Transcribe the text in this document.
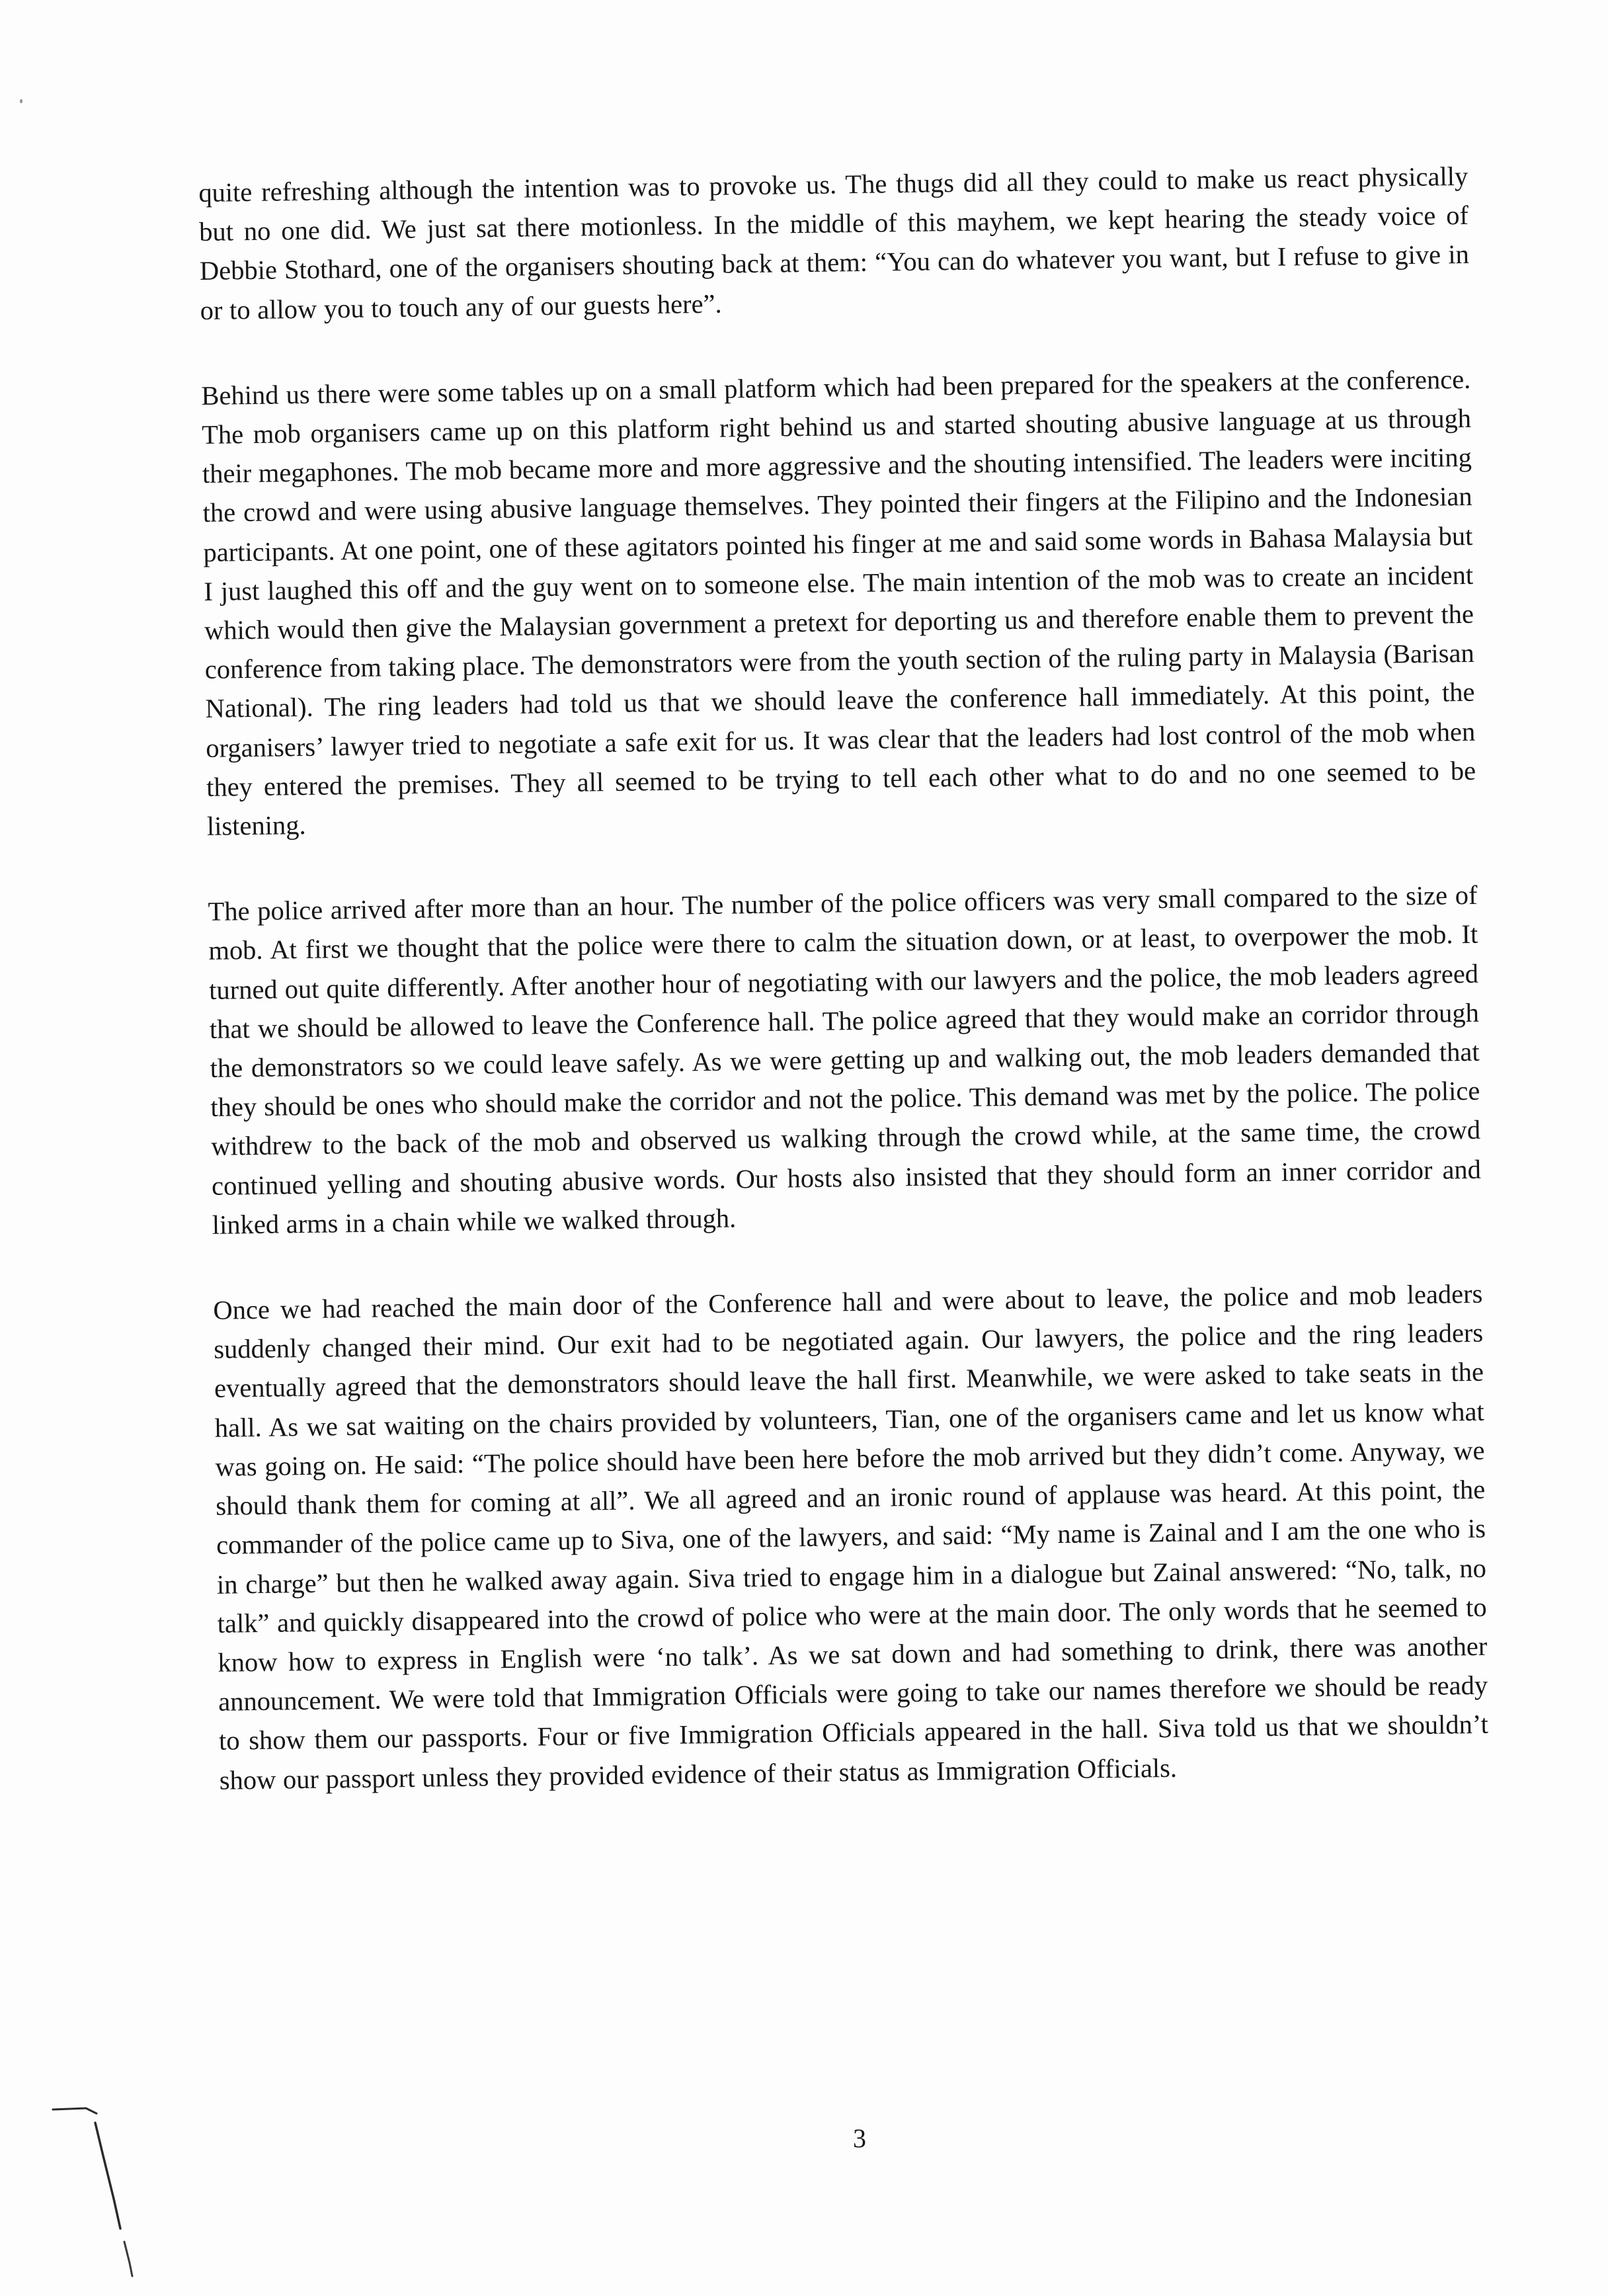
quite refreshing although the intention was to provoke us. The thugs did all they could to make us react physically but no one did. We just sat there motionless. In the middle of this mayhem, we kept hearing the steady voice of Debbie Stothard, one of the organisers shouting back at them: “You can do whatever you want, but I refuse to give in or to allow you to touch any of our guests here”.

Behind us there were some tables up on a small platform which had been prepared for the speakers at the conference. The mob organisers came up on this platform right behind us and started shouting abusive language at us through their megaphones. The mob became more and more aggressive and the shouting intensified. The leaders were inciting the crowd and were using abusive language themselves. They pointed their fingers at the Filipino and the Indonesian participants. At one point, one of these agitators pointed his finger at me and said some words in Bahasa Malaysia but I just laughed this off and the guy went on to someone else. The main intention of the mob was to create an incident which would then give the Malaysian government a pretext for deporting us and therefore enable them to prevent the conference from taking place. The demonstrators were from the youth section of the ruling party in Malaysia (Barisan National). The ring leaders had told us that we should leave the conference hall immediately. At this point, the organisers’ lawyer tried to negotiate a safe exit for us. It was clear that the leaders had lost control of the mob when they entered the premises. They all seemed to be trying to tell each other what to do and no one seemed to be listening.

The police arrived after more than an hour. The number of the police officers was very small compared to the size of mob. At first we thought that the police were there to calm the situation down, or at least, to overpower the mob. It turned out quite differently. After another hour of negotiating with our lawyers and the police, the mob leaders agreed that we should be allowed to leave the Conference hall. The police agreed that they would make an corridor through the demonstrators so we could leave safely. As we were getting up and walking out, the mob leaders demanded that they should be ones who should make the corridor and not the police. This demand was met by the police. The police withdrew to the back of the mob and observed us walking through the crowd while, at the same time, the crowd continued yelling and shouting abusive words. Our hosts also insisted that they should form an inner corridor and linked arms in a chain while we walked through.

Once we had reached the main door of the Conference hall and were about to leave, the police and mob leaders suddenly changed their mind. Our exit had to be negotiated again. Our lawyers, the police and the ring leaders eventually agreed that the demonstrators should leave the hall first. Meanwhile, we were asked to take seats in the hall. As we sat waiting on the chairs provided by volunteers, Tian, one of the organisers came and let us know what was going on. He said: “The police should have been here before the mob arrived but they didn’t come. Anyway, we should thank them for coming at all”. We all agreed and an ironic round of applause was heard. At this point, the commander of the police came up to Siva, one of the lawyers, and said: “My name is Zainal and I am the one who is in charge” but then he walked away again. Siva tried to engage him in a dialogue but Zainal answered: “No, talk, no talk” and quickly disappeared into the crowd of police who were at the main door. The only words that he seemed to know how to express in English were ‘no talk’. As we sat down and had something to drink, there was another announcement. We were told that Immigration Officials were going to take our names therefore we should be ready to show them our passports. Four or five Immigration Officials appeared in the hall. Siva told us that we shouldn’t show our passport unless they provided evidence of their status as Immigration Officials.

3
